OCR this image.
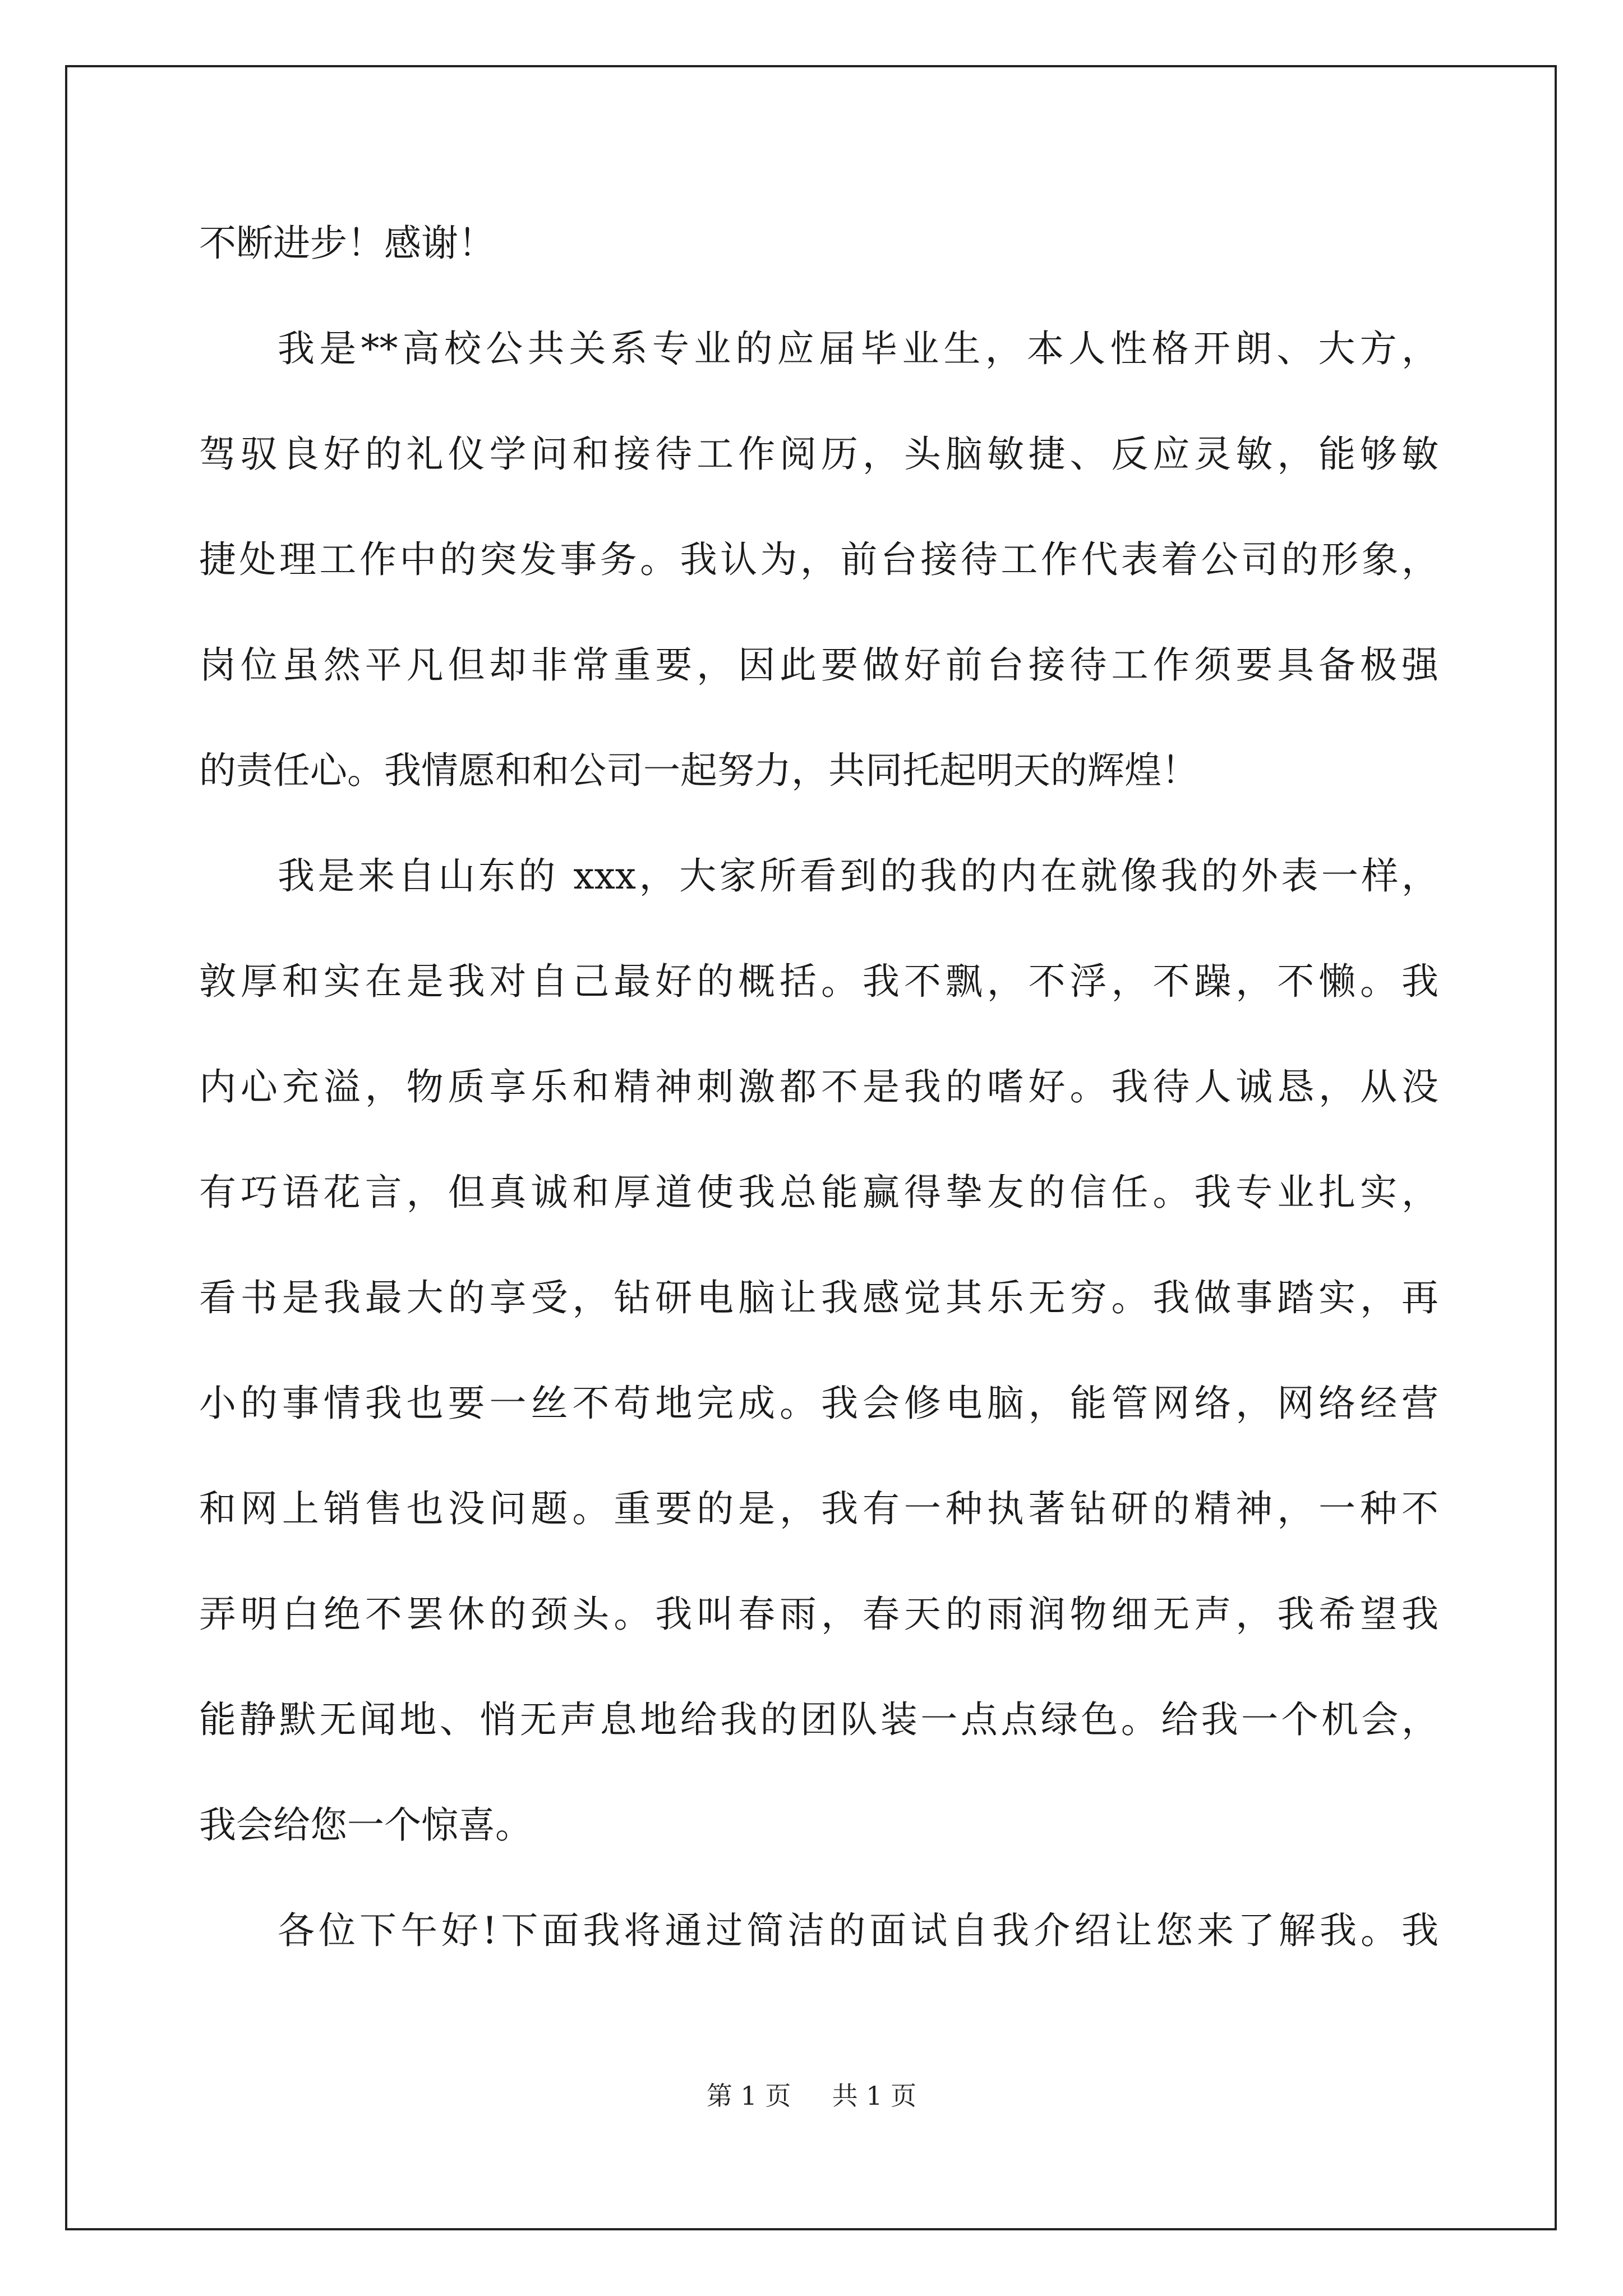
不断进步！感谢！
我是**高校公共关系专业的应届毕业生，本人性格开朗、大方，
驾驭良好的礼仪学问和接待工作阅历，头脑敏捷、反应灵敏，能够敏
捷处理工作中的突发事务。我认为，前台接待工作代表着公司的形象，
岗位虽然平凡但却非常重要，因此要做好前台接待工作须要具备极强
的责任心。我情愿和和公司一起努力，共同托起明天的辉煌！
我是来自山东的 xxx，大家所看到的我的内在就像我的外表一样，
敦厚和实在是我对自己最好的概括。我不飘，不浮，不躁，不懒。我
内心充溢，物质享乐和精神刺激都不是我的嗜好。我待人诚恳，从没
有巧语花言，但真诚和厚道使我总能赢得挚友的信任。我专业扎实，
看书是我最大的享受，钻研电脑让我感觉其乐无穷。我做事踏实，再
小的事情我也要一丝不苟地完成。我会修电脑，能管网络，网络经营
和网上销售也没问题。重要的是，我有一种执著钻研的精神，一种不
弄明白绝不罢休的颈头。我叫春雨，春天的雨润物细无声，我希望我
能静默无闻地、悄无声息地给我的团队装一点点绿色。给我一个机会，
我会给您一个惊喜。
各位下午好!下面我将通过简洁的面试自我介绍让您来了解我。我
第 1 页 共 1 页
